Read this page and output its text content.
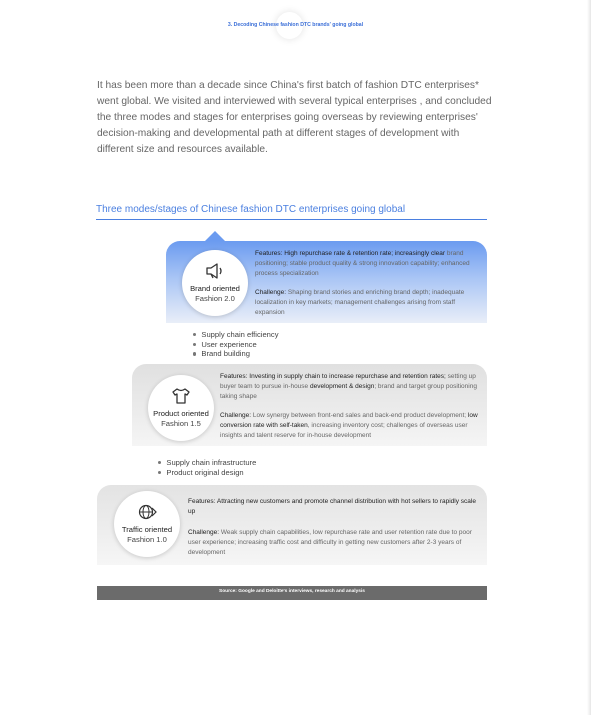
3. Decoding Chinese fashion DTC brands' going global

It has been more than a decade since China's first batch of fashion DTC enterprises* went global. We visited and interviewed with several typical enterprises , and concluded the three modes and stages for enterprises going overseas by reviewing enterprises' decision-making and developmental path at different stages of development with different size and resources available.

Three modes/stages of Chinese fashion DTC enterprises going global
Brand oriented
Fashion 2.0
Features: High repurchase rate & retention rate; increasingly clear brand positioning; stable product quality & strong innovation capability; enhanced process specialization
Challenge: Shaping brand stories and enriching brand depth; inadequate localization in key markets; management challenges arising from staff expansion
Supply chain efficiency
User experience
Brand building
Product oriented
Fashion 1.5
Features: Investing in supply chain to increase repurchase and retention rates; setting up buyer team to pursue in-house development & design; brand and target group positioning taking shape
Challenge: Low synergy between front-end sales and back-end product development; low conversion rate with self-taken, increasing inventory cost; challenges of overseas user insights and talent reserve for in-house development
Supply chain infrastructure
Product original design
Traffic oriented
Fashion 1.0
Features: Attracting new customers and promote channel distribution with hot sellers to rapidly scale up
Challenge: Weak supply chain capabilities, low repurchase rate and user retention rate due to poor user experience; increasing traffic cost and difficulty in getting new customers after 2-3 years of development
Source: Google and Deloitte's interviews, research and analysis
